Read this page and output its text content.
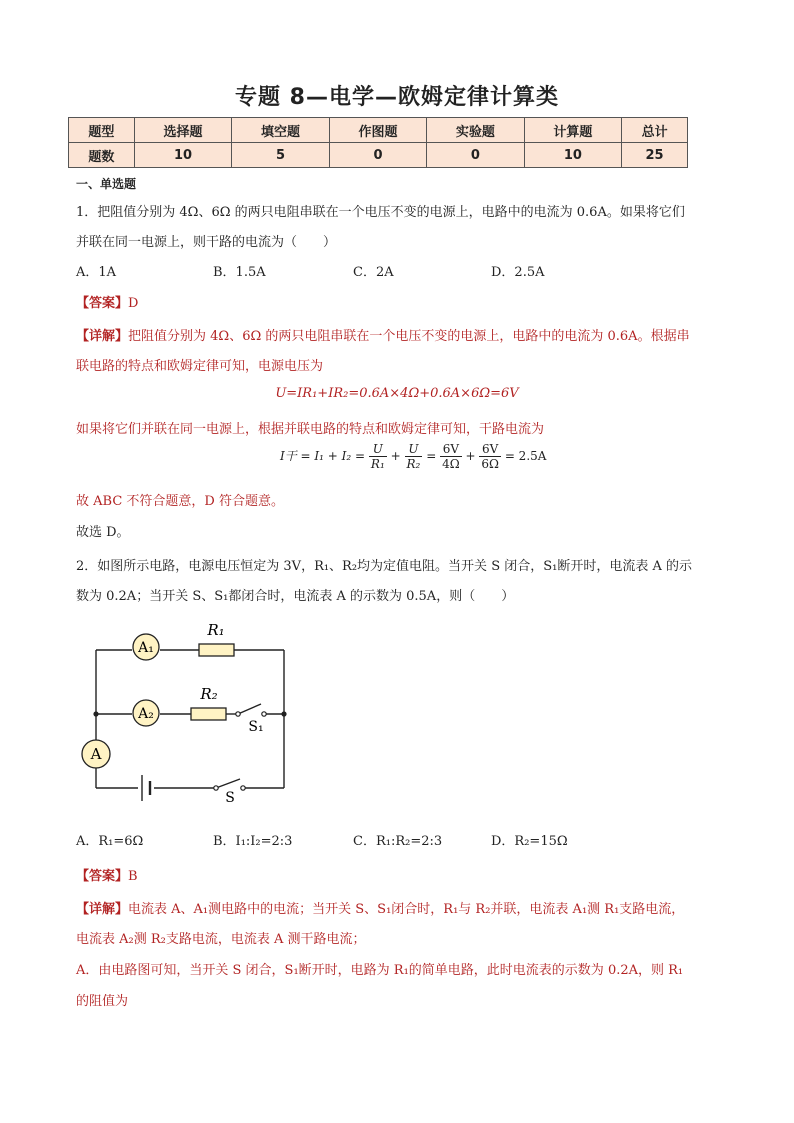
专题 8—电学—欧姆定律计算类
题型	选择题	填空题	作图题	实验题	计算题	总计
题数	10	5	0	0	10	25
一、单选题
1．把阻值分别为 4Ω、6Ω 的两只电阻串联在一个电压不变的电源上，电路中的电流为 0.6A。如果将它们
并联在同一电源上，则干路的电流为（　　）
A．1A	B．1.5A	C．2A	D．2.5A
【答案】D
【详解】把阻值分别为 4Ω、6Ω 的两只电阻串联在一个电压不变的电源上，电路中的电流为 0.6A。根据串
联电路的特点和欧姆定律可知，电源电压为
U=IR₁+IR₂=0.6A×4Ω+0.6A×6Ω=6V
如果将它们并联在同一电源上，根据并联电路的特点和欧姆定律可知，干路电流为
I干 = $I_1 + I_2 = \frac{U}{\text{R₁}} + \frac{U}{\text{R₂}} = \frac{6V}{4\Omega} + \frac{6V}{6\Omega} = 2.5A$
故 ABC 不符合题意，D 符合题意。
故选 D。
2．如图所示电路，电源电压恒定为 3V，R₁、R₂均为定值电阻。当开关 S 闭合，S₁断开时，电流表 A 的示
数为 0.2A；当开关 S、S₁都闭合时，电流表 A 的示数为 0.5A，则（　　）
A₁
R₁
A₂
R₂
S₁
A
S
A．R₁=6Ω	B．I₁:I₂=2:3	C．R₁:R₂=2:3	D．R₂=15Ω
【答案】B
【详解】电流表 A、A₁测电路中的电流；当开关 S、S₁闭合时，R₁与 R₂并联，电流表 A₁测 R₁支路电流，
电流表 A₂测 R₂支路电流，电流表 A 测干路电流；
A．由电路图可知，当开关 S 闭合，S₁断开时，电路为 R₁的简单电路，此时电流表的示数为 0.2A，则 R₁
的阻值为
